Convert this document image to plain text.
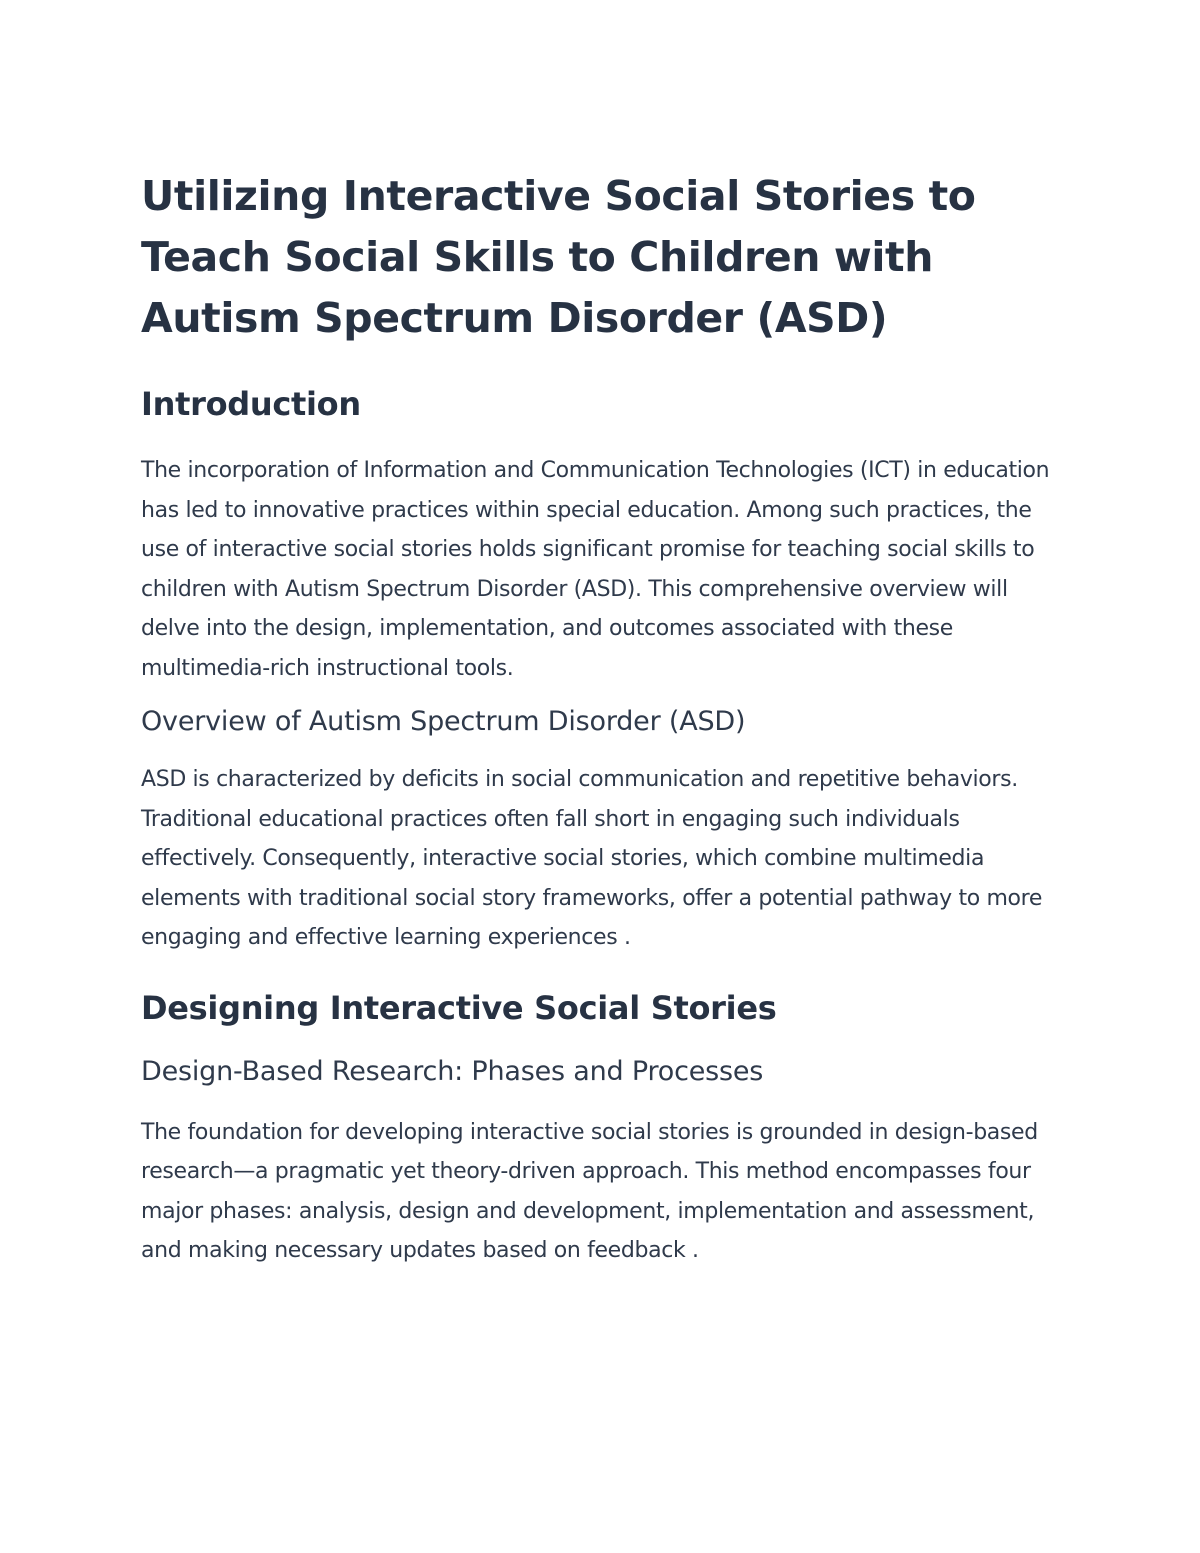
Utilizing Interactive Social Stories to Teach Social Skills to Children with Autism Spectrum Disorder (ASD)
Introduction

The incorporation of Information and Communication Technologies (ICT) in education has led to innovative practices within special education. Among such practices, the use of interactive social stories holds significant promise for teaching social skills to children with Autism Spectrum Disorder (ASD). This comprehensive overview will delve into the design, implementation, and outcomes associated with these multimedia-rich instructional tools.

Overview of Autism Spectrum Disorder (ASD)

ASD is characterized by deficits in social communication and repetitive behaviors. Traditional educational practices often fall short in engaging such individuals effectively. Consequently, interactive social stories, which combine multimedia elements with traditional social story frameworks, offer a potential pathway to more engaging and effective learning experiences .

Designing Interactive Social Stories
Design-Based Research: Phases and Processes

The foundation for developing interactive social stories is grounded in design-based research—a pragmatic yet theory-driven approach. This method encompasses four major phases: analysis, design and development, implementation and assessment, and making necessary updates based on feedback .
